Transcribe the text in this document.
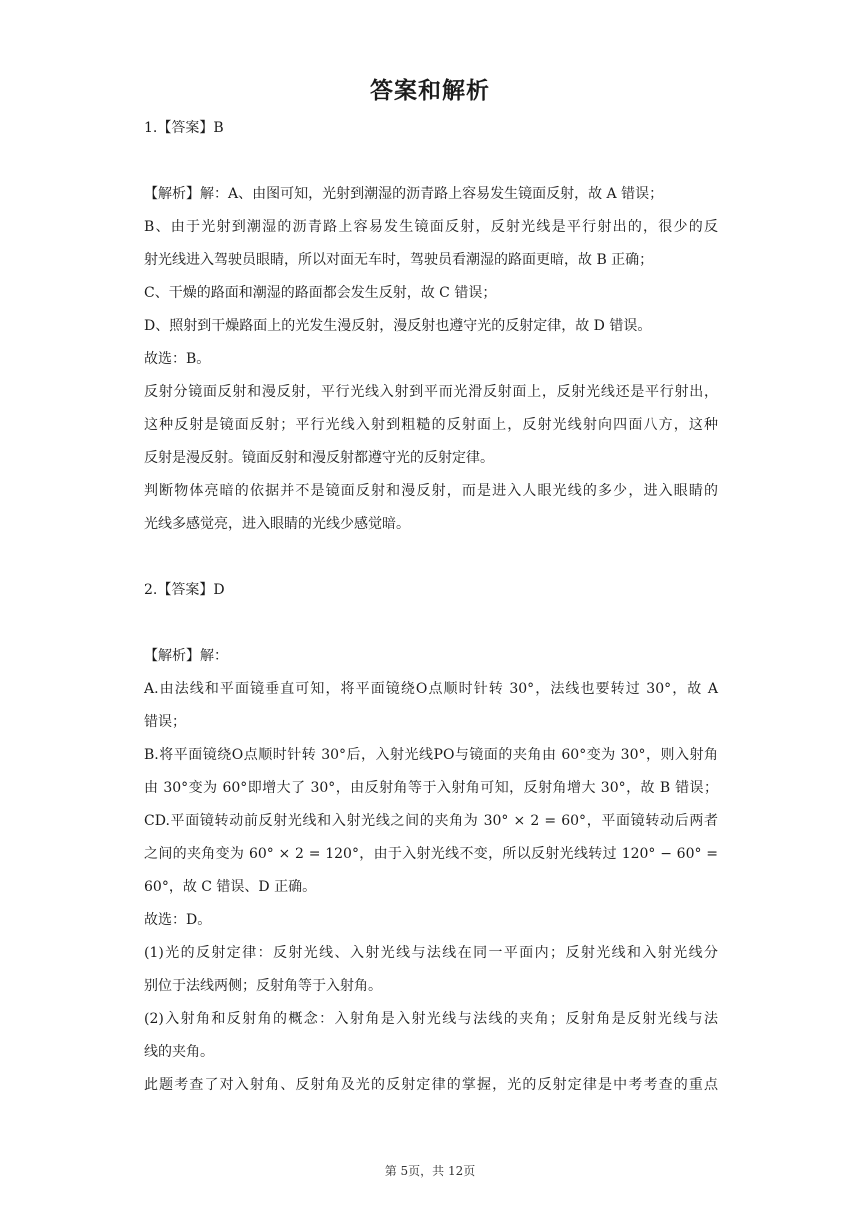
答案和解析

1.【答案】B

【解析】解：A、由图可知，光射到潮湿的沥青路上容易发生镜面反射，故 A 错误；

B、由于光射到潮湿的沥青路上容易发生镜面反射，反射光线是平行射出的，很少的反

射光线进入驾驶员眼睛，所以对面无车时，驾驶员看潮湿的路面更暗，故 B 正确；

C、干燥的路面和潮湿的路面都会发生反射，故 C 错误；

D、照射到干燥路面上的光发生漫反射，漫反射也遵守光的反射定律，故 D 错误。

故选：B。

反射分镜面反射和漫反射，平行光线入射到平而光滑反射面上，反射光线还是平行射出，

这种反射是镜面反射；平行光线入射到粗糙的反射面上，反射光线射向四面八方，这种

反射是漫反射。镜面反射和漫反射都遵守光的反射定律。

判断物体亮暗的依据并不是镜面反射和漫反射，而是进入人眼光线的多少，进入眼睛的

光线多感觉亮，进入眼睛的光线少感觉暗。

2.【答案】D

【解析】解：

A.由法线和平面镜垂直可知，将平面镜绕O点顺时针转 30°，法线也要转过 30°，故 A

错误；

B.将平面镜绕O点顺时针转 30°后，入射光线PO与镜面的夹角由 60°变为 30°，则入射角

由 30°变为 60°即增大了 30°，由反射角等于入射角可知，反射角增大 30°，故 B 错误；

CD.平面镜转动前反射光线和入射光线之间的夹角为 30° × 2 = 60°，平面镜转动后两者

之间的夹角变为 60° × 2 = 120°，由于入射光线不变，所以反射光线转过 120° − 60° =

60°，故 C 错误、D 正确。

故选：D。

(1)光的反射定律：反射光线、入射光线与法线在同一平面内；反射光线和入射光线分

别位于法线两侧；反射角等于入射角。

(2)入射角和反射角的概念：入射角是入射光线与法线的夹角；反射角是反射光线与法

线的夹角。

此题考查了对入射角、反射角及光的反射定律的掌握，光的反射定律是中考考查的重点

第 5页，共 12页
